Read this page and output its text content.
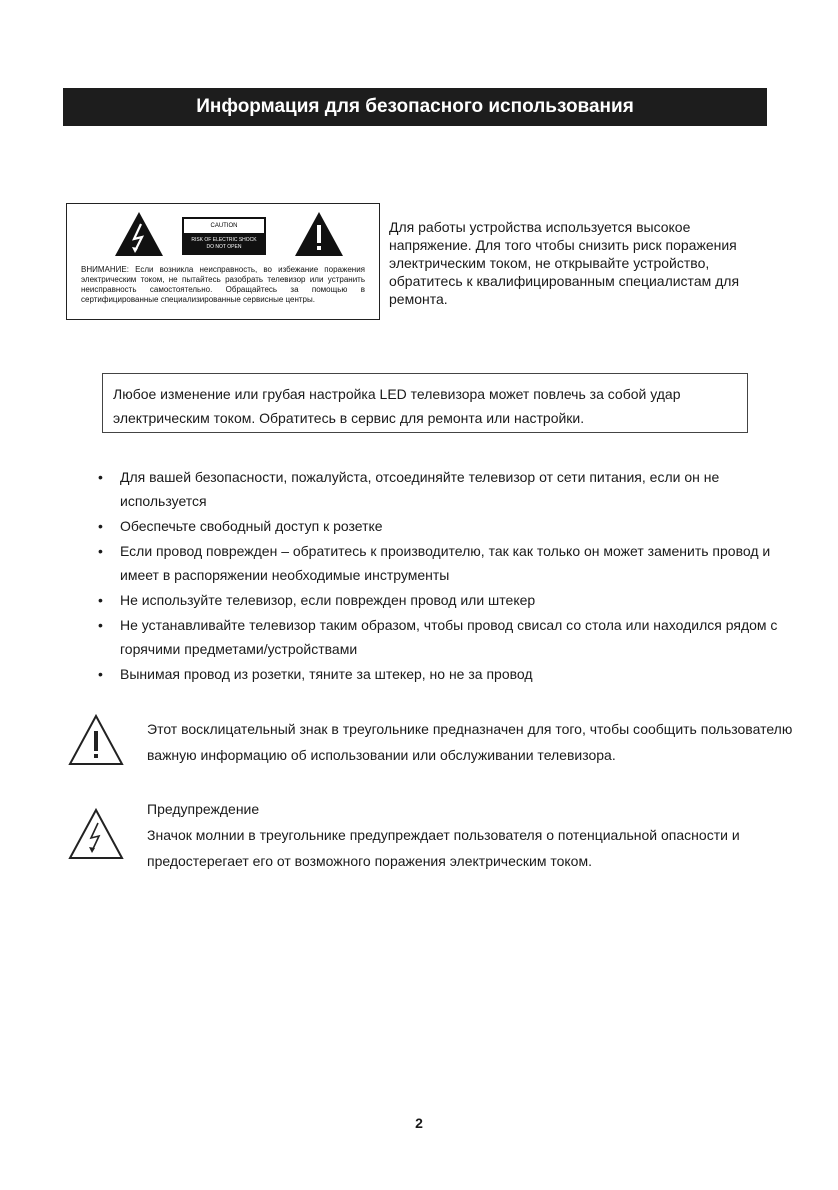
Информация для безопасного использования
CAUTION
RISK OF ELECTRIC SHOCK
DO NOT OPEN
ВНИМАНИЕ: Если возникла неисправность, во избежание поражения электрическим током, не пытайтесь разобрать телевизор или устранить неисправность самостоятельно. Обращайтесь за помощью в сертифицированные специализированные сервисные центры.
Для работы устройства используется высокое напряжение. Для того чтобы снизить риск поражения электрическим током, не открывайте устройство, обратитесь к квалифицированным специалистам для ремонта.
Любое изменение или грубая настройка LED телевизора может повлечь за собой удар электрическим током. Обратитесь в сервис для ремонта или настройки.
• Для вашей безопасности, пожалуйста, отсоединяйте телевизор от сети питания, если он не используется
• Обеспечьте свободный доступ к розетке
• Если провод поврежден – обратитесь к производителю, так как только он может заменить провод и имеет в распоряжении необходимые инструменты
• Не используйте телевизор, если поврежден провод или штекер
• Не устанавливайте телевизор таким образом, чтобы провод свисал со стола или находился рядом с горячими предметами/устройствами
• Вынимая провод из розетки, тяните за штекер, но не за провод
Этот восклицательный знак в треугольнике предназначен для того, чтобы сообщить пользователю важную информацию об использовании или обслуживании телевизора.
Предупреждение
Значок молнии в треугольнике предупреждает пользователя о потенциальной опасности и предостерегает его от возможного поражения электрическим током.
2
